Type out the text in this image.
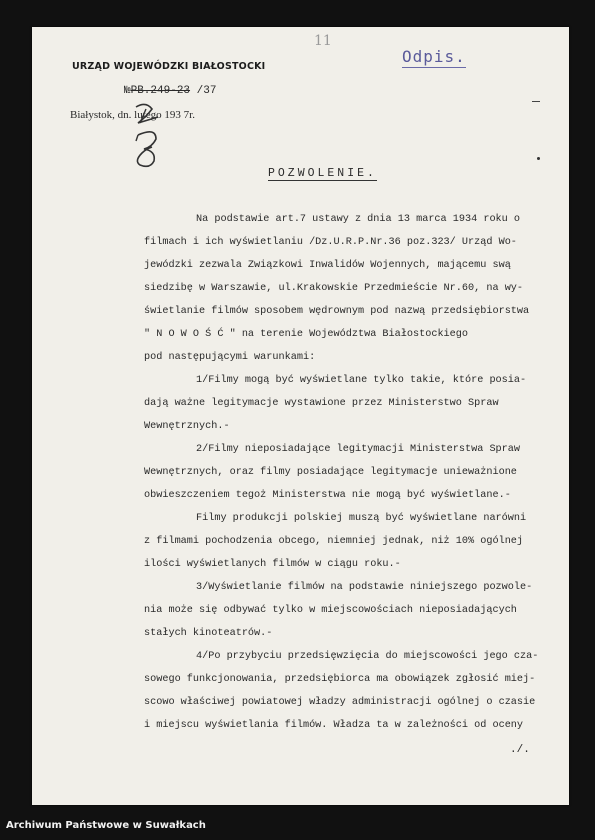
11
Odpis.
URZĄD WOJEWÓDZKI BIAŁOSTOCKI
№PB.249-23 /37
Białystok, dn. lutego 193 7r.
POZWOLENIE.
Na podstawie art.7 ustawy z dnia 13 marca 1934 roku o
filmach i ich wyświetlaniu /Dz.U.R.P.Nr.36 poz.323/ Urząd Wo-
jewódzki zezwala Związkowi Inwalidów Wojennych, mającemu swą
siedzibę w Warszawie, ul.Krakowskie Przedmieście Nr.60, na wy-
świetlanie filmów sposobem wędrownym pod nazwą przedsiębiorstwa
" N O W O Ś Ć " na terenie Województwa Białostockiego
pod następującymi warunkami:
1/Filmy mogą być wyświetlane tylko takie, które posia-
dają ważne legitymacje wystawione przez Ministerstwo Spraw
Wewnętrznych.-
2/Filmy nieposiadające legitymacji Ministerstwa Spraw
Wewnętrznych, oraz filmy posiadające legitymacje unieważnione
obwieszczeniem tegoż Ministerstwa nie mogą być wyświetlane.-
Filmy produkcji polskiej muszą być wyświetlane narówni
z filmami pochodzenia obcego, niemniej jednak, niż 10% ogólnej
ilości wyświetlanych filmów w ciągu roku.-
3/Wyświetlanie filmów na podstawie niniejszego pozwole-
nia może się odbywać tylko w miejscowościach nieposiadających
stałych kinoteatrów.-
4/Po przybyciu przedsięwzięcia do miejscowości jego cza-
sowego funkcjonowania, przedsiębiorca ma obowiązek zgłosić miej-
scowo właściwej powiatowej władzy administracji ogólnej o czasie
i miejscu wyświetlania filmów. Władza ta w zależności od oceny
./.
Archiwum Państwowe w Suwałkach
